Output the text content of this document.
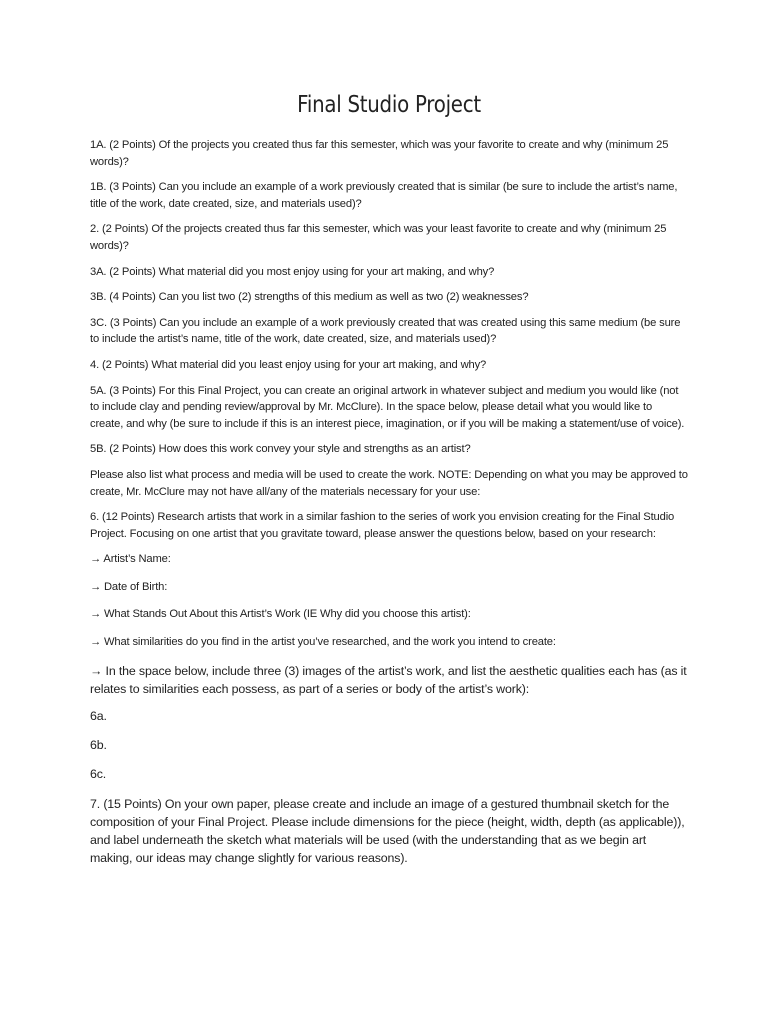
Final Studio Project

1A. (2 Points) Of the projects you created thus far this semester, which was your favorite to create and why (minimum 25 words)?

1B. (3 Points) Can you include an example of a work previously created that is similar (be sure to include the artist’s name, title of the work, date created, size, and materials used)?

2. (2 Points) Of the projects created thus far this semester, which was your least favorite to create and why (minimum 25 words)?

3A. (2 Points) What material did you most enjoy using for your art making, and why?

3B. (4 Points) Can you list two (2) strengths of this medium as well as two (2) weaknesses?

3C. (3 Points) Can you include an example of a work previously created that was created using this same medium (be sure to include the artist’s name, title of the work, date created, size, and materials used)?

4. (2 Points) What material did you least enjoy using for your art making, and why?

5A. (3 Points) For this Final Project, you can create an original artwork in whatever subject and medium you would like (not to include clay and pending review/approval by Mr. McClure). In the space below, please detail what you would like to create, and why (be sure to include if this is an interest piece, imagination, or if you will be making a statement/use of voice).

5B. (2 Points) How does this work convey your style and strengths as an artist?

Please also list what process and media will be used to create the work. NOTE: Depending on what you may be approved to create, Mr. McClure may not have all/any of the materials necessary for your use:

6. (12 Points) Research artists that work in a similar fashion to the series of work you envision creating for the Final Studio Project. Focusing on one artist that you gravitate toward, please answer the questions below, based on your research:

→ Artist’s Name:

→ Date of Birth:

→ What Stands Out About this Artist’s Work (IE Why did you choose this artist):

→ What similarities do you find in the artist you’ve researched, and the work you intend to create:

→ In the space below, include three (3) images of the artist’s work, and list the aesthetic qualities each has (as it relates to similarities each possess, as part of a series or body of the artist’s work):

6a.

6b.

6c.

7. (15 Points) On your own paper, please create and include an image of a gestured thumbnail sketch for the composition of your Final Project. Please include dimensions for the piece (height, width, depth (as applicable)), and label underneath the sketch what materials will be used (with the understanding that as we begin art making, our ideas may change slightly for various reasons).
